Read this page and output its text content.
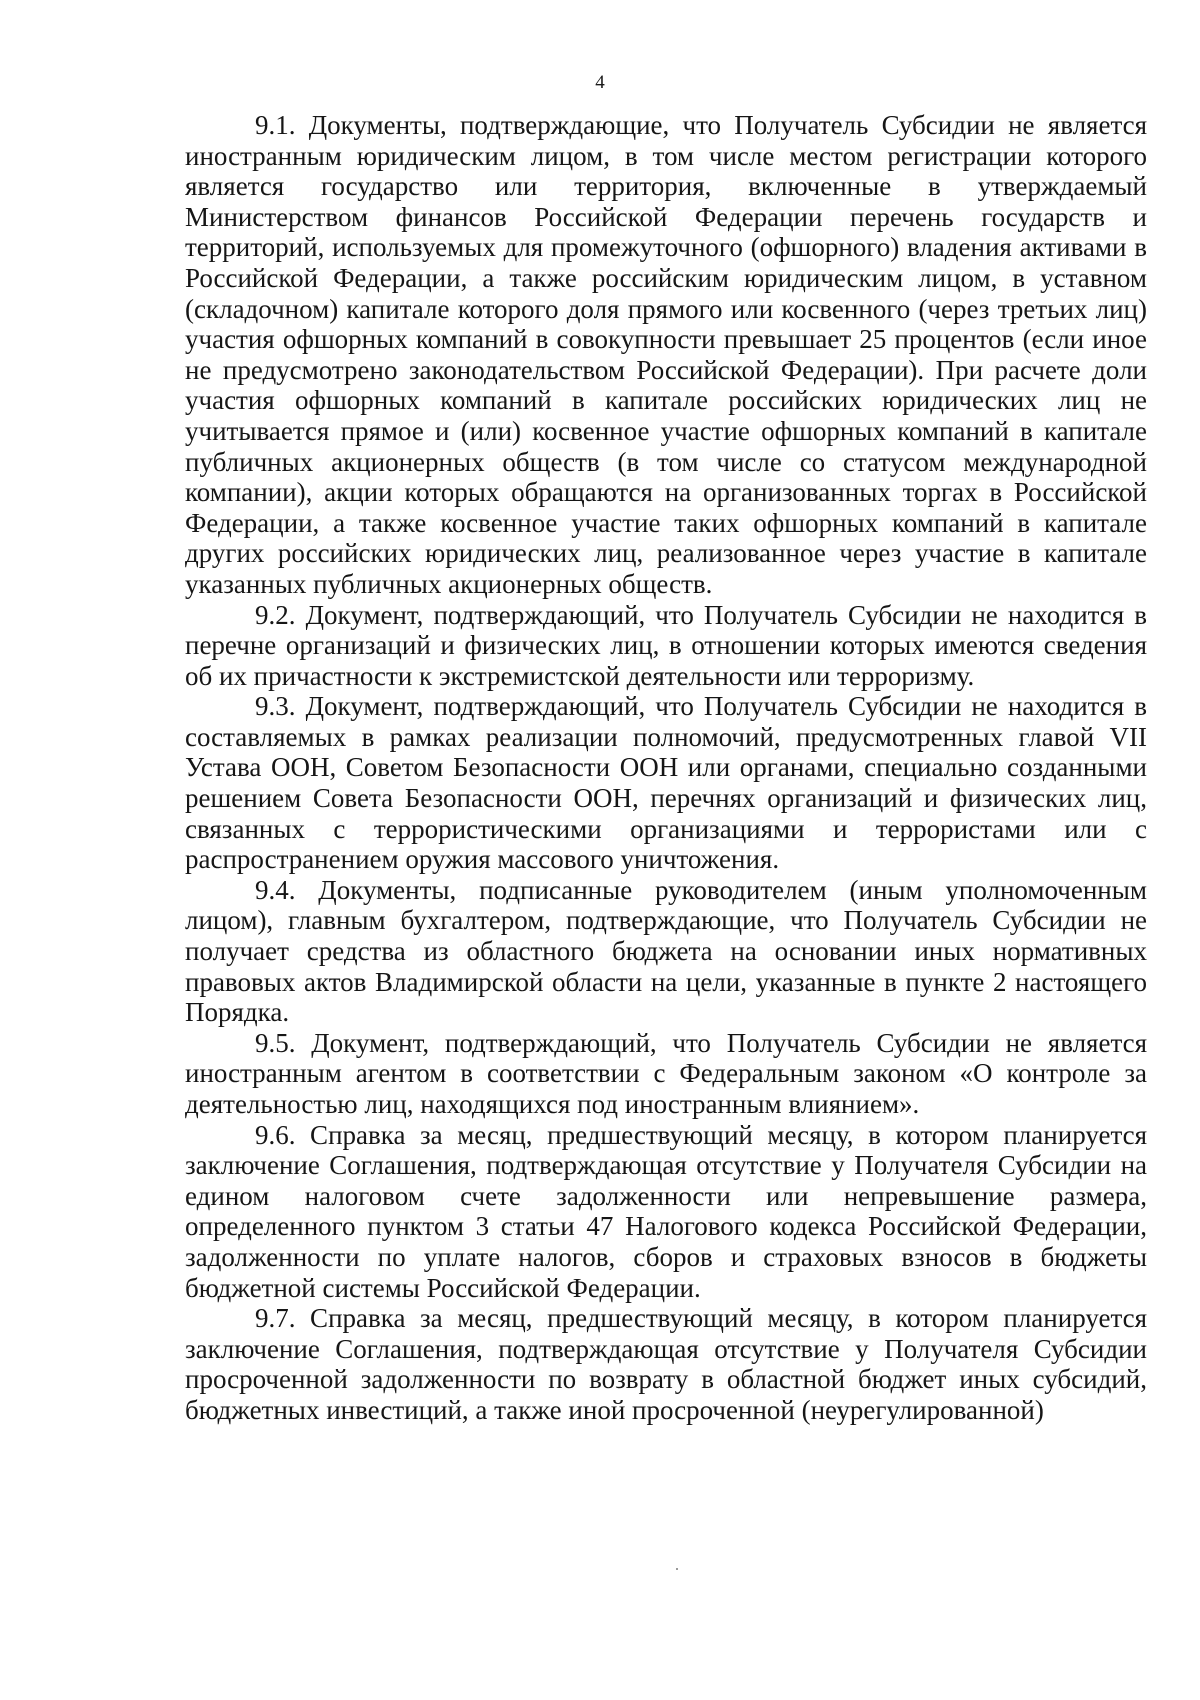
4

9.1. Документы, подтверждающие, что Получатель Субсидии не является иностранным юридическим лицом, в том числе местом регистрации которого является государство или территория, включенные в утверждаемый Министерством финансов Российской Федерации перечень государств и территорий, используемых для промежуточного (офшорного) владения активами в Российской Федерации, а также российским юридическим лицом, в уставном (складочном) капитале которого доля прямого или косвенного (через третьих лиц) участия офшорных компаний в совокупности превышает 25 процентов (если иное не предусмотрено законодательством Российской Федерации). При расчете доли участия офшорных компаний в капитале российских юридических лиц не учитывается прямое и (или) косвенное участие офшорных компаний в капитале публичных акционерных обществ (в том числе со статусом международной компании), акции которых обращаются на организованных торгах в Российской Федерации, а также косвенное участие таких офшорных компаний в капитале других российских юридических лиц, реализованное через участие в капитале указанных публичных акционерных обществ.

9.2. Документ, подтверждающий, что Получатель Субсидии не находится в перечне организаций и физических лиц, в отношении которых имеются сведения об их причастности к экстремистской деятельности или терроризму.

9.3. Документ, подтверждающий, что Получатель Субсидии не находится в составляемых в рамках реализации полномочий, предусмотренных главой VII Устава ООН, Советом Безопасности ООН или органами, специально созданными решением Совета Безопасности ООН, перечнях организаций и физических лиц, связанных с террористическими организациями и террористами или с распространением оружия массового уничтожения.

9.4. Документы, подписанные руководителем (иным уполномоченным лицом), главным бухгалтером, подтверждающие, что Получатель Субсидии не получает средства из областного бюджета на основании иных нормативных правовых актов Владимирской области на цели, указанные в пункте 2 настоящего Порядка.

9.5. Документ, подтверждающий, что Получатель Субсидии не является иностранным агентом в соответствии с Федеральным законом «О контроле за деятельностью лиц, находящихся под иностранным влиянием».

9.6. Справка за месяц, предшествующий месяцу, в котором планируется заключение Соглашения, подтверждающая отсутствие у Получателя Субсидии на едином налоговом счете задолженности или непревышение размера, определенного пунктом 3 статьи 47 Налогового кодекса Российской Федерации, задолженности по уплате налогов, сборов и страховых взносов в бюджеты бюджетной системы Российской Федерации.

9.7. Справка за месяц, предшествующий месяцу, в котором планируется заключение Соглашения, подтверждающая отсутствие у Получателя Субсидии просроченной задолженности по возврату в областной бюджет иных субсидий, бюджетных инвестиций, а также иной просроченной (неурегулированной)
